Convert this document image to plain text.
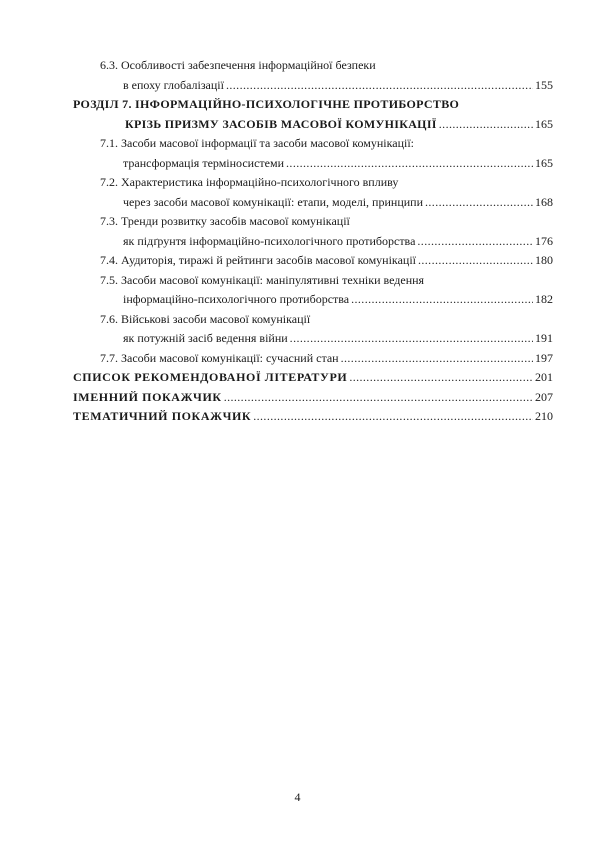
6.3. Особливості забезпечення інформаційної безпеки
в епоху глобалізації .....	155
РОЗДІЛ 7. ІНФОРМАЦІЙНО-ПСИХОЛОГІЧНЕ ПРОТИБОРСТВО
КРІЗЬ ПРИЗМУ ЗАСОБІВ МАСОВОЇ КОМУНІКАЦІЇ .....	165
7.1. Засоби масової інформації та засоби масової комунікації:
трансформація терміносистеми .....	165
7.2. Характеристика інформаційно-психологічного впливу
через засоби масової комунікації: етапи, моделі, принципи .....	168
7.3. Тренди розвитку засобів масової комунікації
як підґрунтя інформаційно-психологічного протиборства .....	176
7.4. Аудиторія, тиражі й рейтинги засобів масової комунікації .....	180
7.5. Засоби масової комунікації: маніпулятивні техніки ведення
інформаційно-психологічного протиборства .....	182
7.6. Військові засоби масової комунікації
як потужній засіб ведення війни .....	191
7.7. Засоби масової комунікації: сучасний стан .....	197
СПИСОК РЕКОМЕНДОВАНОЇ ЛІТЕРАТУРИ .....	201
ІМЕННИЙ ПОКАЖЧИК .....	207
ТЕМАТИЧНИЙ ПОКАЖЧИК .....	210
4
